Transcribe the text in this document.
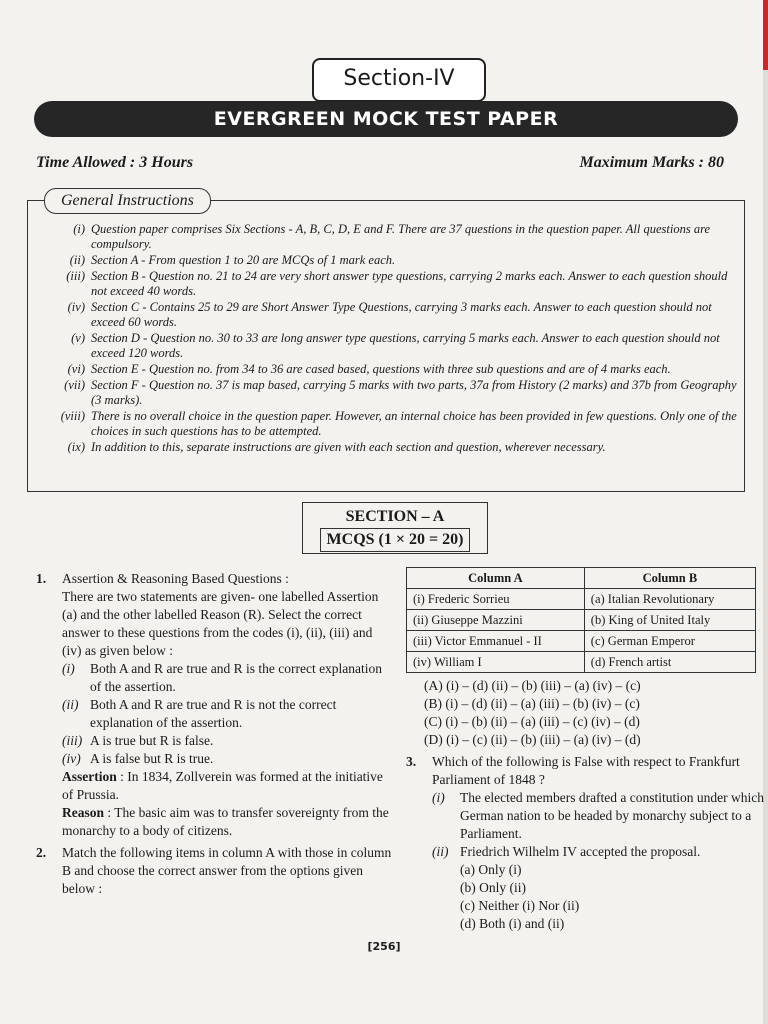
Section-IV
EVERGREEN MOCK TEST PAPER
Time Allowed : 3 Hours	Maximum Marks : 80
General Instructions
(i) Question paper comprises Six Sections - A, B, C, D, E and F. There are 37 questions in the question paper. All questions are compulsory.
(ii) Section A - From question 1 to 20 are MCQs of 1 mark each.
(iii) Section B - Question no. 21 to 24 are very short answer type questions, carrying 2 marks each. Answer to each question should not exceed 40 words.
(iv) Section C - Contains 25 to 29 are Short Answer Type Questions, carrying 3 marks each. Answer to each question should not exceed 60 words.
(v) Section D - Question no. 30 to 33 are long answer type questions, carrying 5 marks each. Answer to each question should not exceed 120 words.
(vi) Section E - Question no. from 34 to 36 are cased based, questions with three sub questions and are of 4 marks each.
(vii) Section F - Question no. 37 is map based, carrying 5 marks with two parts, 37a from History (2 marks) and 37b from Geography (3 marks).
(viii) There is no overall choice in the question paper. However, an internal choice has been provided in few questions. Only one of the choices in such questions has to be attempted.
(ix) In addition to this, separate instructions are given with each section and question, wherever necessary.
SECTION – A
MCQS (1 × 20 = 20)
1.	Assertion & Reasoning Based Questions :
There are two statements are given- one labelled Assertion (a) and the other labelled Reason (R). Select the correct answer to these questions from the codes (i), (ii), (iii) and (iv) as given below :
(i)	Both A and R are true and R is the correct explanation of the assertion.
(ii) Both A and R are true and R is not the correct explanation of the assertion.
(iii) A is true but R is false.
(iv) A is false but R is true.
Assertion : In 1834, Zollverein was formed at the initiative of Prussia.
Reason : The basic aim was to transfer sovereignty from the monarchy to a body of citizens.
2.	Match the following items in column A with those in column B and choose the correct answer from the options given below :
Column A	Column B
(i) Frederic Sorrieu	(a) Italian Revolutionary
(ii) Giuseppe Mazzini	(b) King of United Italy
(iii) Victor Emmanuel - II	(c) German Emperor
(iv) William I	(d) French artist
(A) (i) – (d) (ii) – (b) (iii) – (a) (iv) – (c)
(B) (i) – (d) (ii) – (a) (iii) – (b) (iv) – (c)
(C) (i) – (b) (ii) – (a) (iii) – (c) (iv) – (d)
(D) (i) – (c) (ii) – (b) (iii) – (a) (iv) – (d)
3.	Which of the following is False with respect to Frankfurt Parliament of 1848 ?
(i)	The elected members drafted a constitution under which German nation to be headed by monarchy subject to a Parliament.
(ii) Friedrich Wilhelm IV accepted the proposal.
(a) Only (i)
(b) Only (ii)
(c) Neither (i) Nor (ii)
(d) Both (i) and (ii)
[256]
